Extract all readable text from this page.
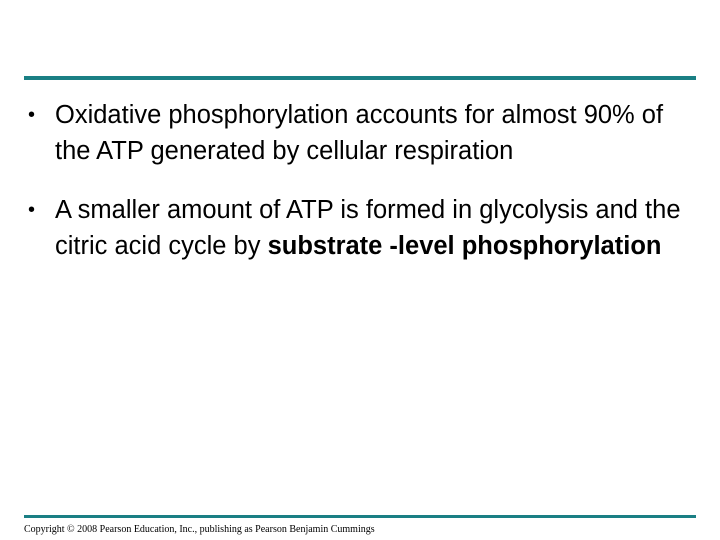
• Oxidative phosphorylation accounts for almost 90% of the ATP generated by cellular respiration
• A smaller amount of ATP is formed in glycolysis and the citric acid cycle by substrate -level phosphorylation
Copyright © 2008 Pearson Education, Inc., publishing as Pearson Benjamin Cummings
